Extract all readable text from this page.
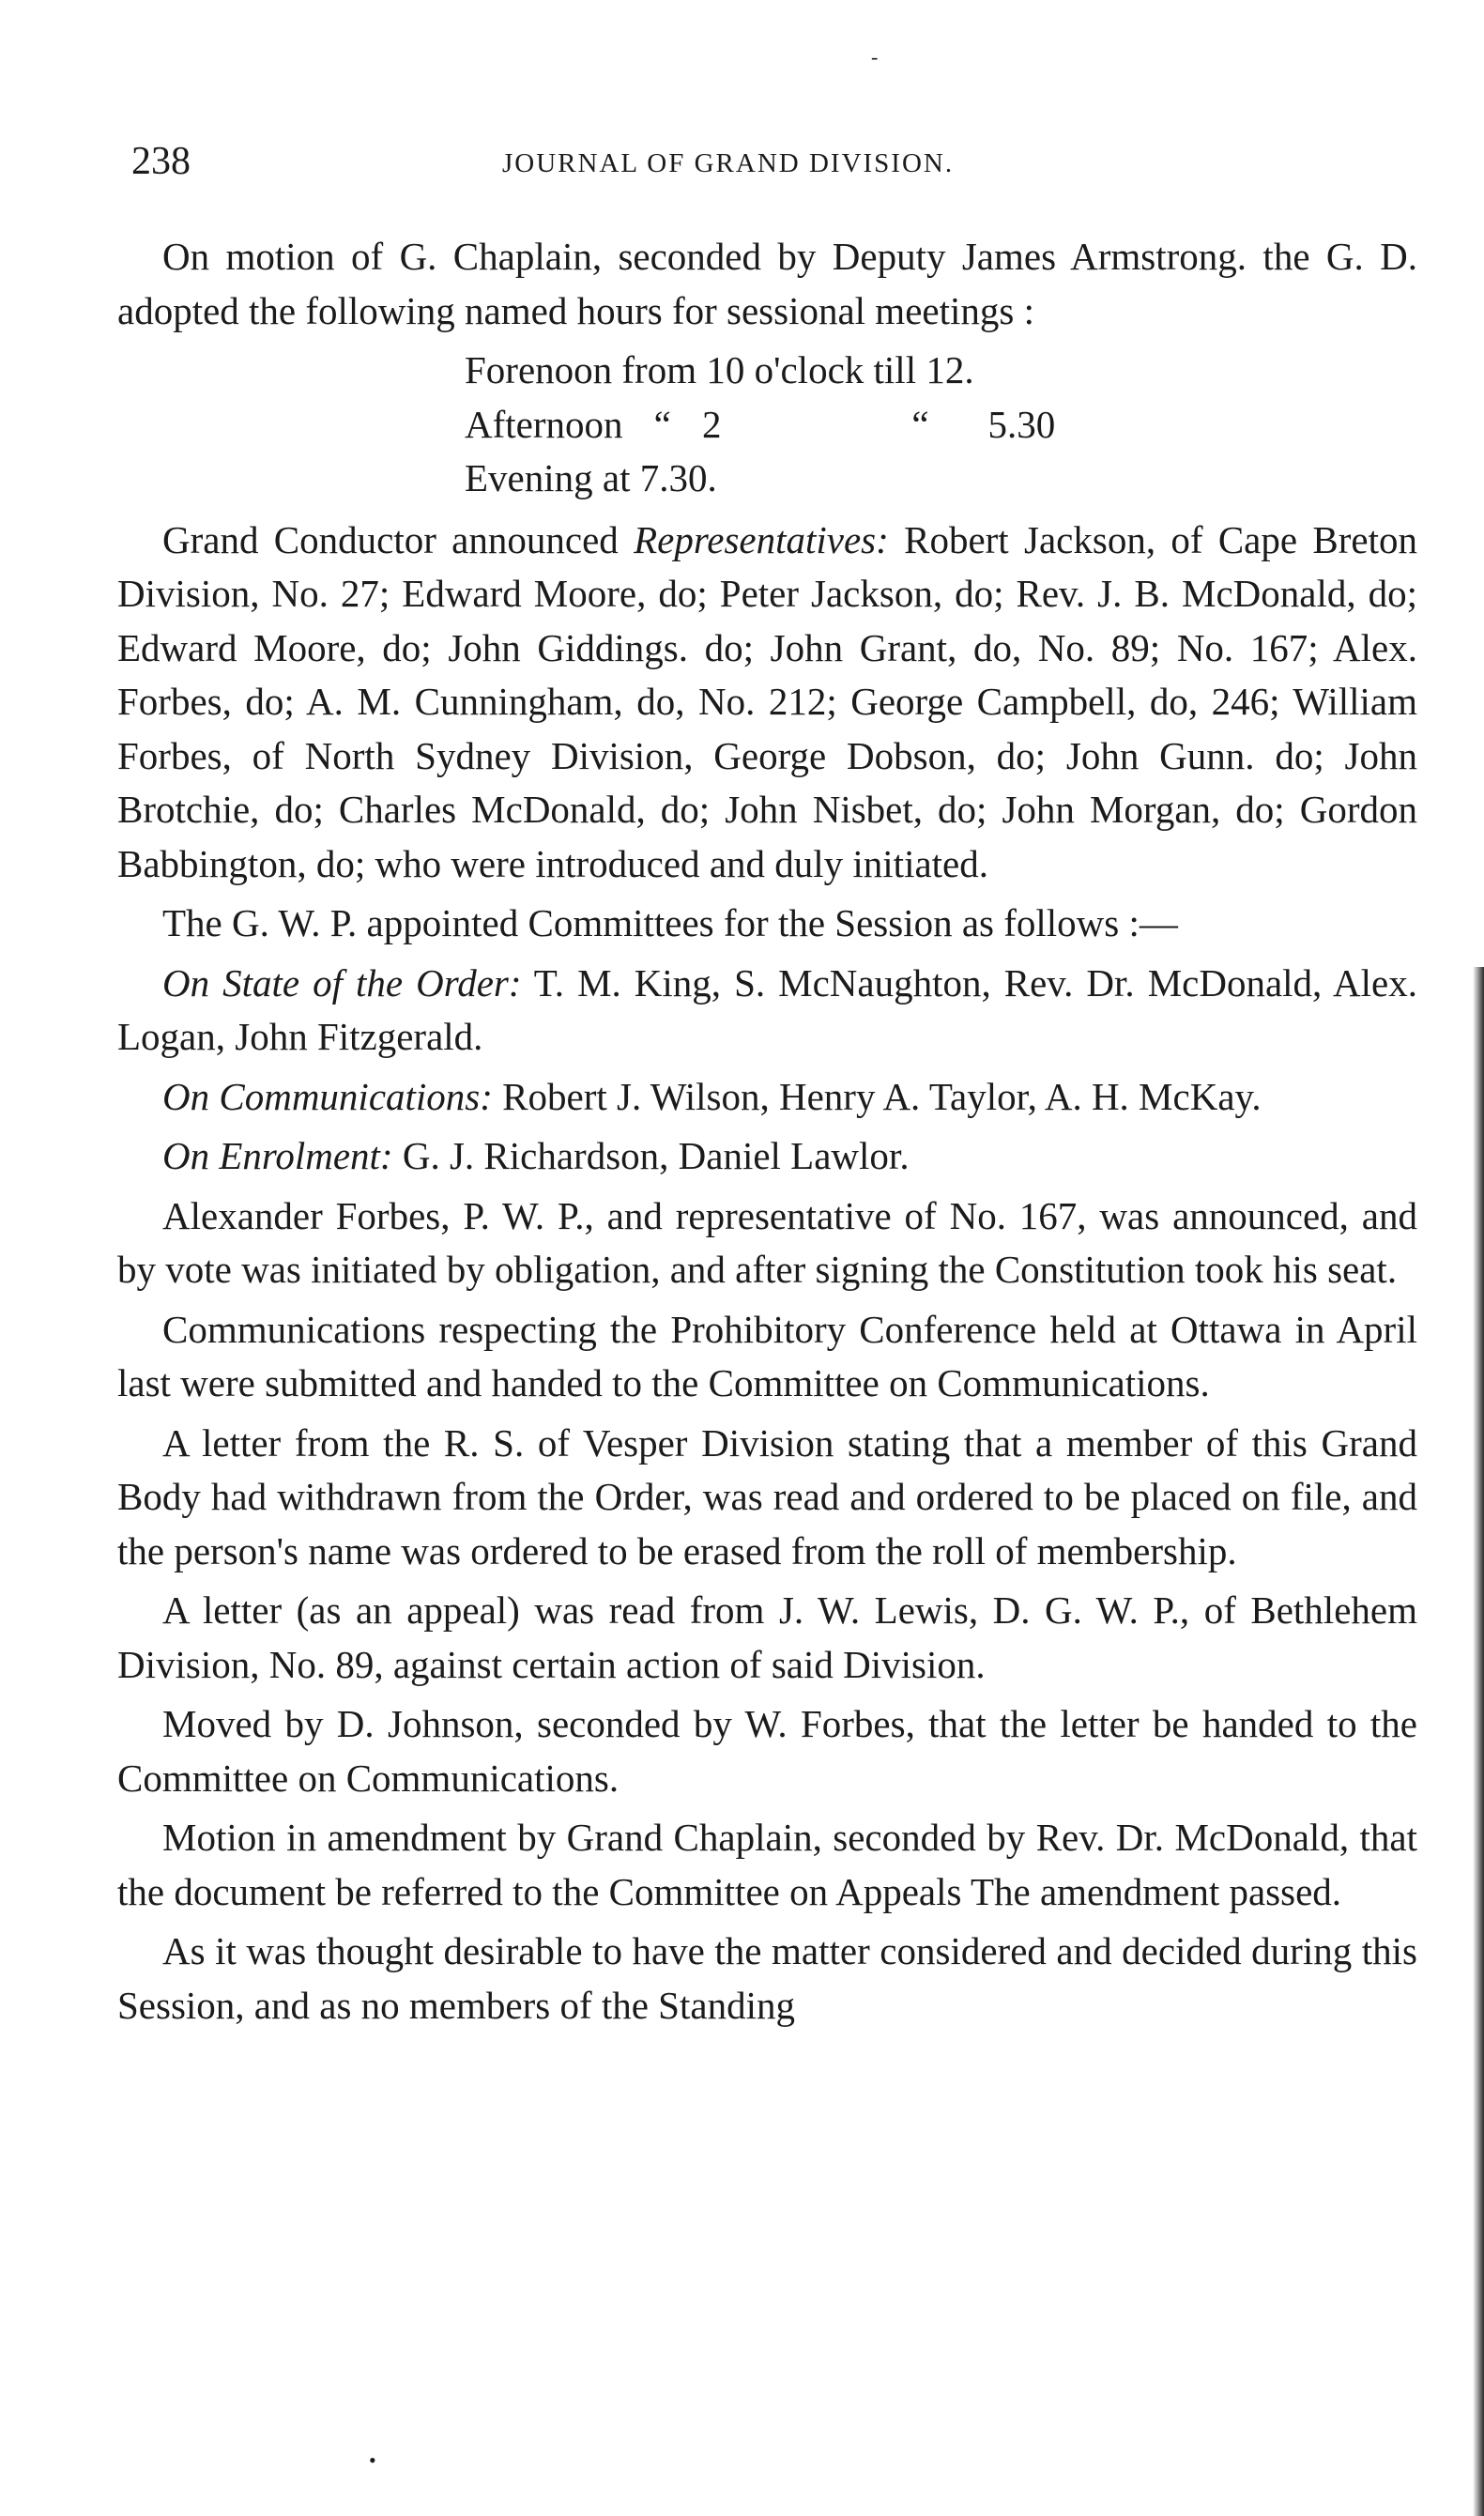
-
238	JOURNAL OF GRAND DIVISION.

On motion of G. Chaplain, seconded by Deputy James Armstrong. the G. D. adopted the following named hours for sessional meetings :

Forenoon from 10 o'clock till 12.
Afternoon “ 2	“ 5.30
Evening at 7.30.

Grand Conductor announced Representatives: Robert Jackson, of Cape Breton Division, No. 27; Edward Moore, do; Peter Jackson, do; Rev. J. B. McDonald, do; Edward Moore, do; John Giddings. do; John Grant, do, No. 89; No. 167; Alex. Forbes, do; A. M. Cunningham, do, No. 212; George Campbell, do, 246; William Forbes, of North Sydney Division, George Dobson, do; John Gunn. do; John Brotchie, do; Charles McDonald, do; John Nisbet, do; John Morgan, do; Gordon Babbington, do; who were introduced and duly initiated.

The G. W. P. appointed Committees for the Session as follows :—

On State of the Order: T. M. King, S. McNaughton, Rev. Dr. McDonald, Alex. Logan, John Fitzgerald.

On Communications: Robert J. Wilson, Henry A. Taylor, A. H. McKay.

On Enrolment: G. J. Richardson, Daniel Lawlor.

Alexander Forbes, P. W. P., and representative of No. 167, was announced, and by vote was initiated by obligation, and after signing the Constitution took his seat.

Communications respecting the Prohibitory Conference held at Ottawa in April last were submitted and handed to the Committee on Communications.

A letter from the R. S. of Vesper Division stating that a member of this Grand Body had withdrawn from the Order, was read and ordered to be placed on file, and the person's name was ordered to be erased from the roll of membership.

A letter (as an appeal) was read from J. W. Lewis, D. G. W. P., of Bethlehem Division, No. 89, against certain action of said Division.

Moved by D. Johnson, seconded by W. Forbes, that the letter be handed to the Committee on Communications.

Motion in amendment by Grand Chaplain, seconded by Rev. Dr. McDonald, that the document be referred to the Committee on Appeals The amendment passed.

As it was thought desirable to have the matter considered and decided during this Session, and as no members of the Standing

•
